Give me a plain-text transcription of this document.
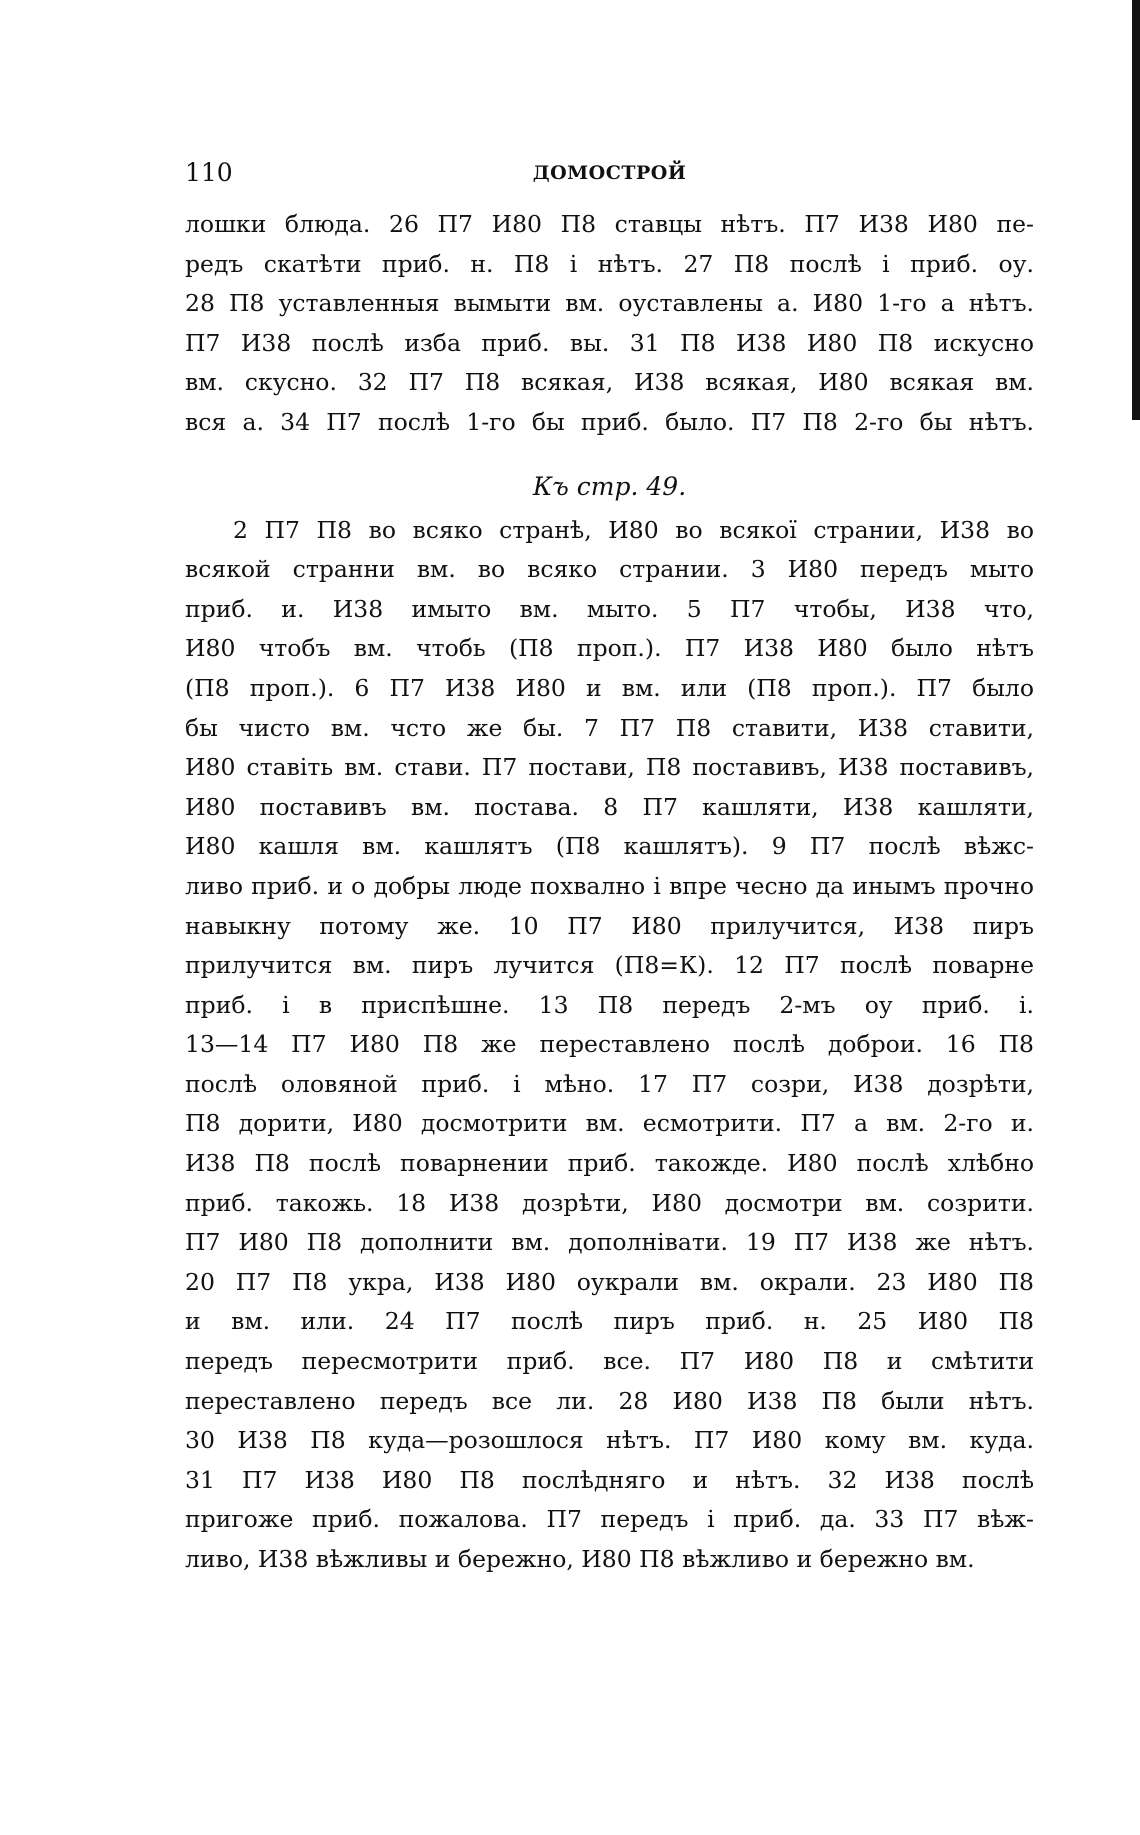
110	ДОМОСТРОЙ
лошки блюда. 26 П7 И80 П8 ставцы нѣтъ. П7 И38 И80 пе-
редъ скатѣти приб. н. П8 і нѣтъ. 27 П8 послѣ і приб. оу.
28 П8 уставленныя вымыти вм. оуставлены а. И80 1-го а нѣтъ.
П7 И38 послѣ изба приб. вы. 31 П8 И38 И80 П8 искусно
вм. скусно. 32 П7 П8 всякая, И38 всякая, И80 всякая вм.
вся а. 34 П7 послѣ 1-го бы приб. было. П7 П8 2-го бы нѣтъ.
Къ стр. 49.
2 П7 П8 во всяко странѣ, И80 во всякої странии, И38 во
всякой странни вм. во всяко странии. 3 И80 передъ мыто
приб. и. И38 имыто вм. мыто. 5 П7 чтобы, И38 что,
И80 чтобъ вм. чтобь (П8 проп.). П7 И38 И80 было нѣтъ
(П8 проп.). 6 П7 И38 И80 и вм. или (П8 проп.). П7 было
бы чисто вм. чсто же бы. 7 П7 П8 ставити, И38 ставити,
И80 ставіть вм. стави. П7 постави, П8 поставивъ, И38 поставивъ,
И80 поставивъ вм. постава. 8 П7 кашляти, И38 кашляти,
И80 кашля вм. кашлятъ (П8 кашлятъ). 9 П7 послѣ вѣжс-
ливо приб. и о добры люде похвално і впре чесно да инымъ прочно
навыкну потому же. 10 П7 И80 прилучится, И38 пиръ
прилучится вм. пиръ лучится (П8=К). 12 П7 послѣ поварне
приб. і в приспѣшне. 13 П8 передъ 2-мъ оу приб. і.
13—14 П7 И80 П8 же переставлено послѣ доброи. 16 П8
послѣ оловяной приб. і мѣно. 17 П7 созри, И38 дозрѣти,
П8 дорити, И80 досмотрити вм. есмотрити. П7 а вм. 2-го и.
И38 П8 послѣ поварнении приб. такожде. И80 послѣ хлѣбно
приб. такожь. 18 И38 дозрѣти, И80 досмотри вм. созрити.
П7 И80 П8 дополнити вм. дополнівати. 19 П7 И38 же нѣтъ.
20 П7 П8 укра, И38 И80 оукрали вм. окрали. 23 И80 П8
и вм. или. 24 П7 послѣ пиръ приб. н. 25 И80 П8
передъ пересмотрити приб. все. П7 И80 П8 и смѣтити
переставлено передъ все ли. 28 И80 И38 П8 были нѣтъ.
30 И38 П8 куда—розошлося нѣтъ. П7 И80 кому вм. куда.
31 П7 И38 И80 П8 послѣдняго и нѣтъ. 32 И38 послѣ
пригоже приб. пожалова. П7 передъ і приб. да. 33 П7 вѣж-
ливо, И38 вѣжливы и бережно, И80 П8 вѣжливо и бережно вм.
